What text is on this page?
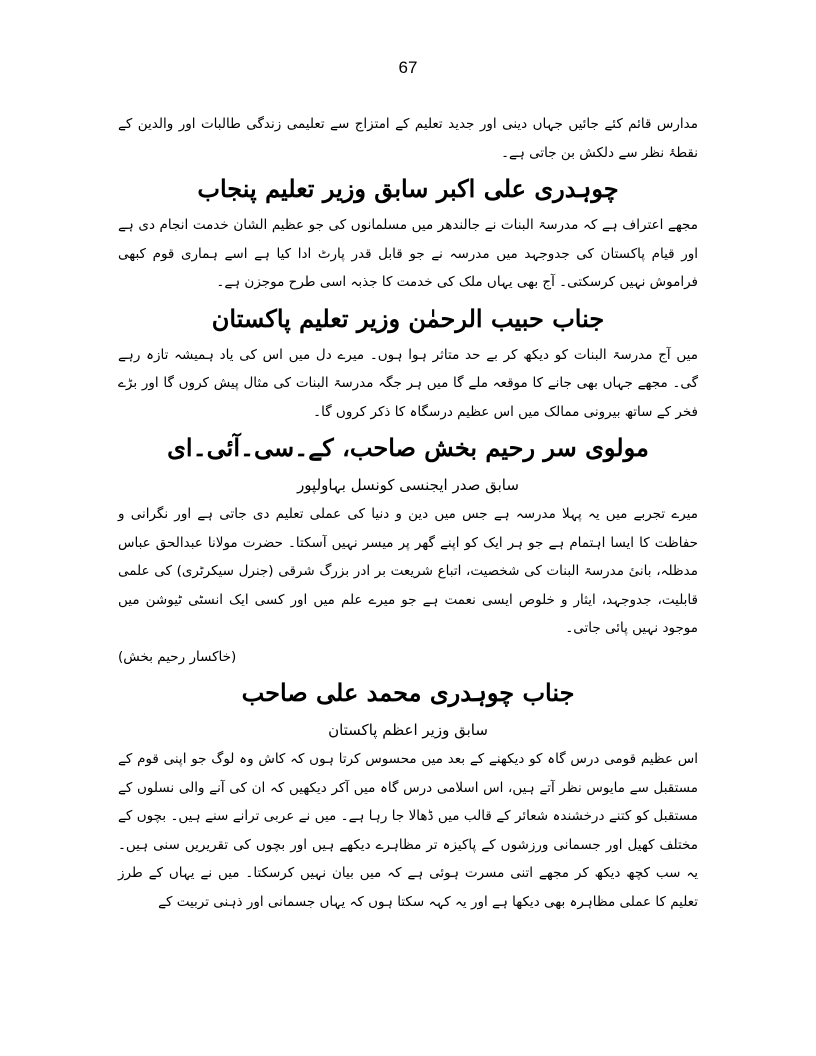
67

مدارس قائم کئے جائیں جہاں دینی اور جدید تعلیم کے امتزاج سے تعلیمی زندگی طالبات اور والدین کے نقطۂ نظر سے دلکش بن جاتی ہے۔

چوہدری علی اکبر سابق وزیر تعلیم پنجاب

مجھے اعتراف ہے کہ مدرسۃ البنات نے جالندھر میں مسلمانوں کی جو عظیم الشان خدمت انجام دی ہے اور قیام پاکستان کی جدوجہد میں مدرسہ نے جو قابل قدر پارٹ ادا کیا ہے اسے ہماری قوم کبھی فراموش نہیں کرسکتی۔ آج بھی یہاں ملک کی خدمت کا جذبہ اسی طرح موجزن ہے۔

جناب حبیب الرحمٰن وزیر تعلیم پاکستان

میں آج مدرسۃ البنات کو دیکھ کر بے حد متاثر ہوا ہوں۔ میرے دل میں اس کی یاد ہمیشہ تازہ رہے گی۔ مجھے جہاں بھی جانے کا موقعہ ملے گا میں ہر جگہ مدرسۃ البنات کی مثال پیش کروں گا اور بڑے فخر کے ساتھ بیرونی ممالک میں اس عظیم درسگاہ کا ذکر کروں گا۔

مولوی سر رحیم بخش صاحب، کے۔سی۔آئی۔ای

سابق صدر ایجنسی کونسل بہاولپور

میرے تجربے میں یہ پہلا مدرسہ ہے جس میں دین و دنیا کی عملی تعلیم دی جاتی ہے اور نگرانی و حفاظت کا ایسا اہتمام ہے جو ہر ایک کو اپنے گھر پر میسر نہیں آسکتا۔ حضرت مولانا عبدالحق عباس مدظلہ، بانیٔ مدرسۃ البنات کی شخصیت، اتباع شریعت بر ادر بزرگ شرقی (جنرل سیکرٹری) کی علمی قابلیت، جدوجہد، ایثار و خلوص ایسی نعمت ہے جو میرے علم میں اور کسی ایک انسٹی ٹیوشن میں موجود نہیں پائی جاتی۔

(خاکسار رحیم بخش)

جناب چوہدری محمد علی صاحب

سابق وزیر اعظم پاکستان

اس عظیم قومی درس گاہ کو دیکھنے کے بعد میں محسوس کرتا ہوں کہ کاش وہ لوگ جو اپنی قوم کے مستقبل سے مایوس نظر آتے ہیں، اس اسلامی درس گاہ میں آکر دیکھیں کہ ان کی آنے والی نسلوں کے مستقبل کو کتنے درخشندہ شعائر کے قالب میں ڈھالا جا رہا ہے۔ میں نے عربی ترانے سنے ہیں۔ بچوں کے مختلف کھیل اور جسمانی ورزشوں کے پاکیزہ تر مظاہرے دیکھے ہیں اور بچوں کی تقریریں سنی ہیں۔ یہ سب کچھ دیکھ کر مجھے اتنی مسرت ہوئی ہے کہ میں بیان نہیں کرسکتا۔ میں نے یہاں کے طرز تعلیم کا عملی مظاہرہ بھی دیکھا ہے اور یہ کہہ سکتا ہوں کہ یہاں جسمانی اور ذہنی تربیت کے
